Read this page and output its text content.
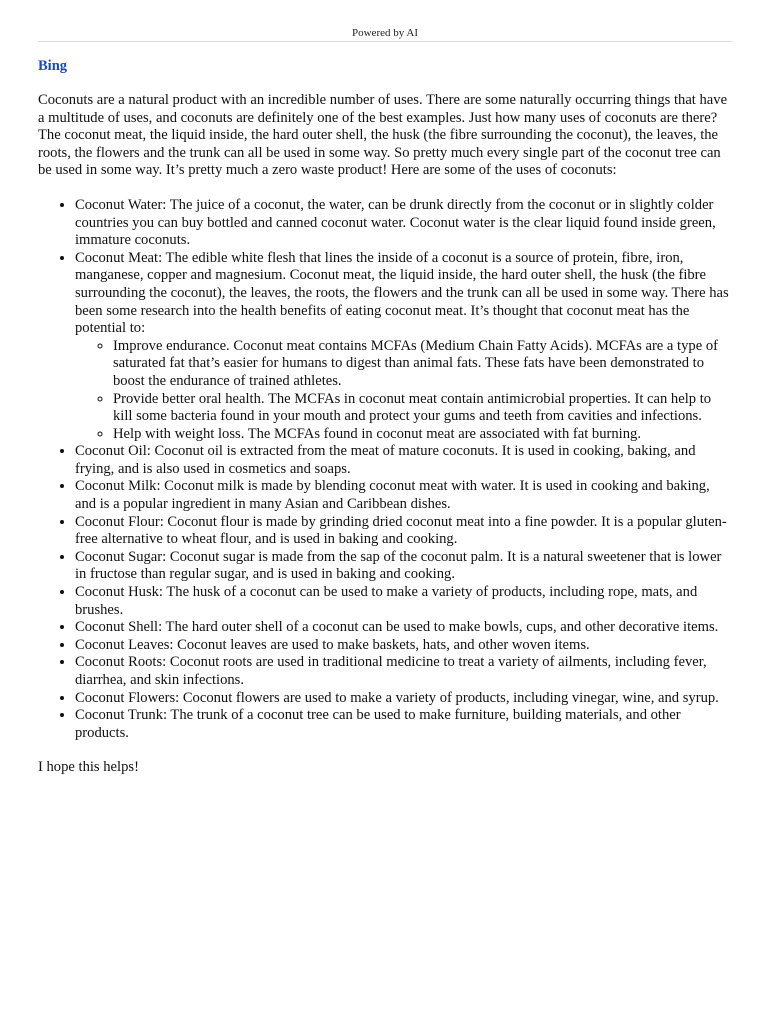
Powered by AI
Bing

Coconuts are a natural product with an incredible number of uses. There are some naturally occurring things that have a multitude of uses, and coconuts are definitely one of the best examples. Just how many uses of coconuts are there? The coconut meat, the liquid inside, the hard outer shell, the husk (the fibre surrounding the coconut), the leaves, the roots, the flowers and the trunk can all be used in some way. So pretty much every single part of the coconut tree can be used in some way. It’s pretty much a zero waste product! Here are some of the uses of coconuts:

• Coconut Water: The juice of a coconut, the water, can be drunk directly from the coconut or in slightly colder countries you can buy bottled and canned coconut water. Coconut water is the clear liquid found inside green, immature coconuts.
• Coconut Meat: The edible white flesh that lines the inside of a coconut is a source of protein, fibre, iron, manganese, copper and magnesium. Coconut meat, the liquid inside, the hard outer shell, the husk (the fibre surrounding the coconut), the leaves, the roots, the flowers and the trunk can all be used in some way. There has been some research into the health benefits of eating coconut meat. It’s thought that coconut meat has the potential to:
◦ Improve endurance. Coconut meat contains MCFAs (Medium Chain Fatty Acids). MCFAs are a type of saturated fat that’s easier for humans to digest than animal fats. These fats have been demonstrated to boost the endurance of trained athletes.
◦ Provide better oral health. The MCFAs in coconut meat contain antimicrobial properties. It can help to kill some bacteria found in your mouth and protect your gums and teeth from cavities and infections.
◦ Help with weight loss. The MCFAs found in coconut meat are associated with fat burning.
• Coconut Oil: Coconut oil is extracted from the meat of mature coconuts. It is used in cooking, baking, and frying, and is also used in cosmetics and soaps.
• Coconut Milk: Coconut milk is made by blending coconut meat with water. It is used in cooking and baking, and is a popular ingredient in many Asian and Caribbean dishes.
• Coconut Flour: Coconut flour is made by grinding dried coconut meat into a fine powder. It is a popular gluten-free alternative to wheat flour, and is used in baking and cooking.
• Coconut Sugar: Coconut sugar is made from the sap of the coconut palm. It is a natural sweetener that is lower in fructose than regular sugar, and is used in baking and cooking.
• Coconut Husk: The husk of a coconut can be used to make a variety of products, including rope, mats, and brushes.
• Coconut Shell: The hard outer shell of a coconut can be used to make bowls, cups, and other decorative items.
• Coconut Leaves: Coconut leaves are used to make baskets, hats, and other woven items.
• Coconut Roots: Coconut roots are used in traditional medicine to treat a variety of ailments, including fever, diarrhea, and skin infections.
• Coconut Flowers: Coconut flowers are used to make a variety of products, including vinegar, wine, and syrup.
• Coconut Trunk: The trunk of a coconut tree can be used to make furniture, building materials, and other products.

I hope this helps!
